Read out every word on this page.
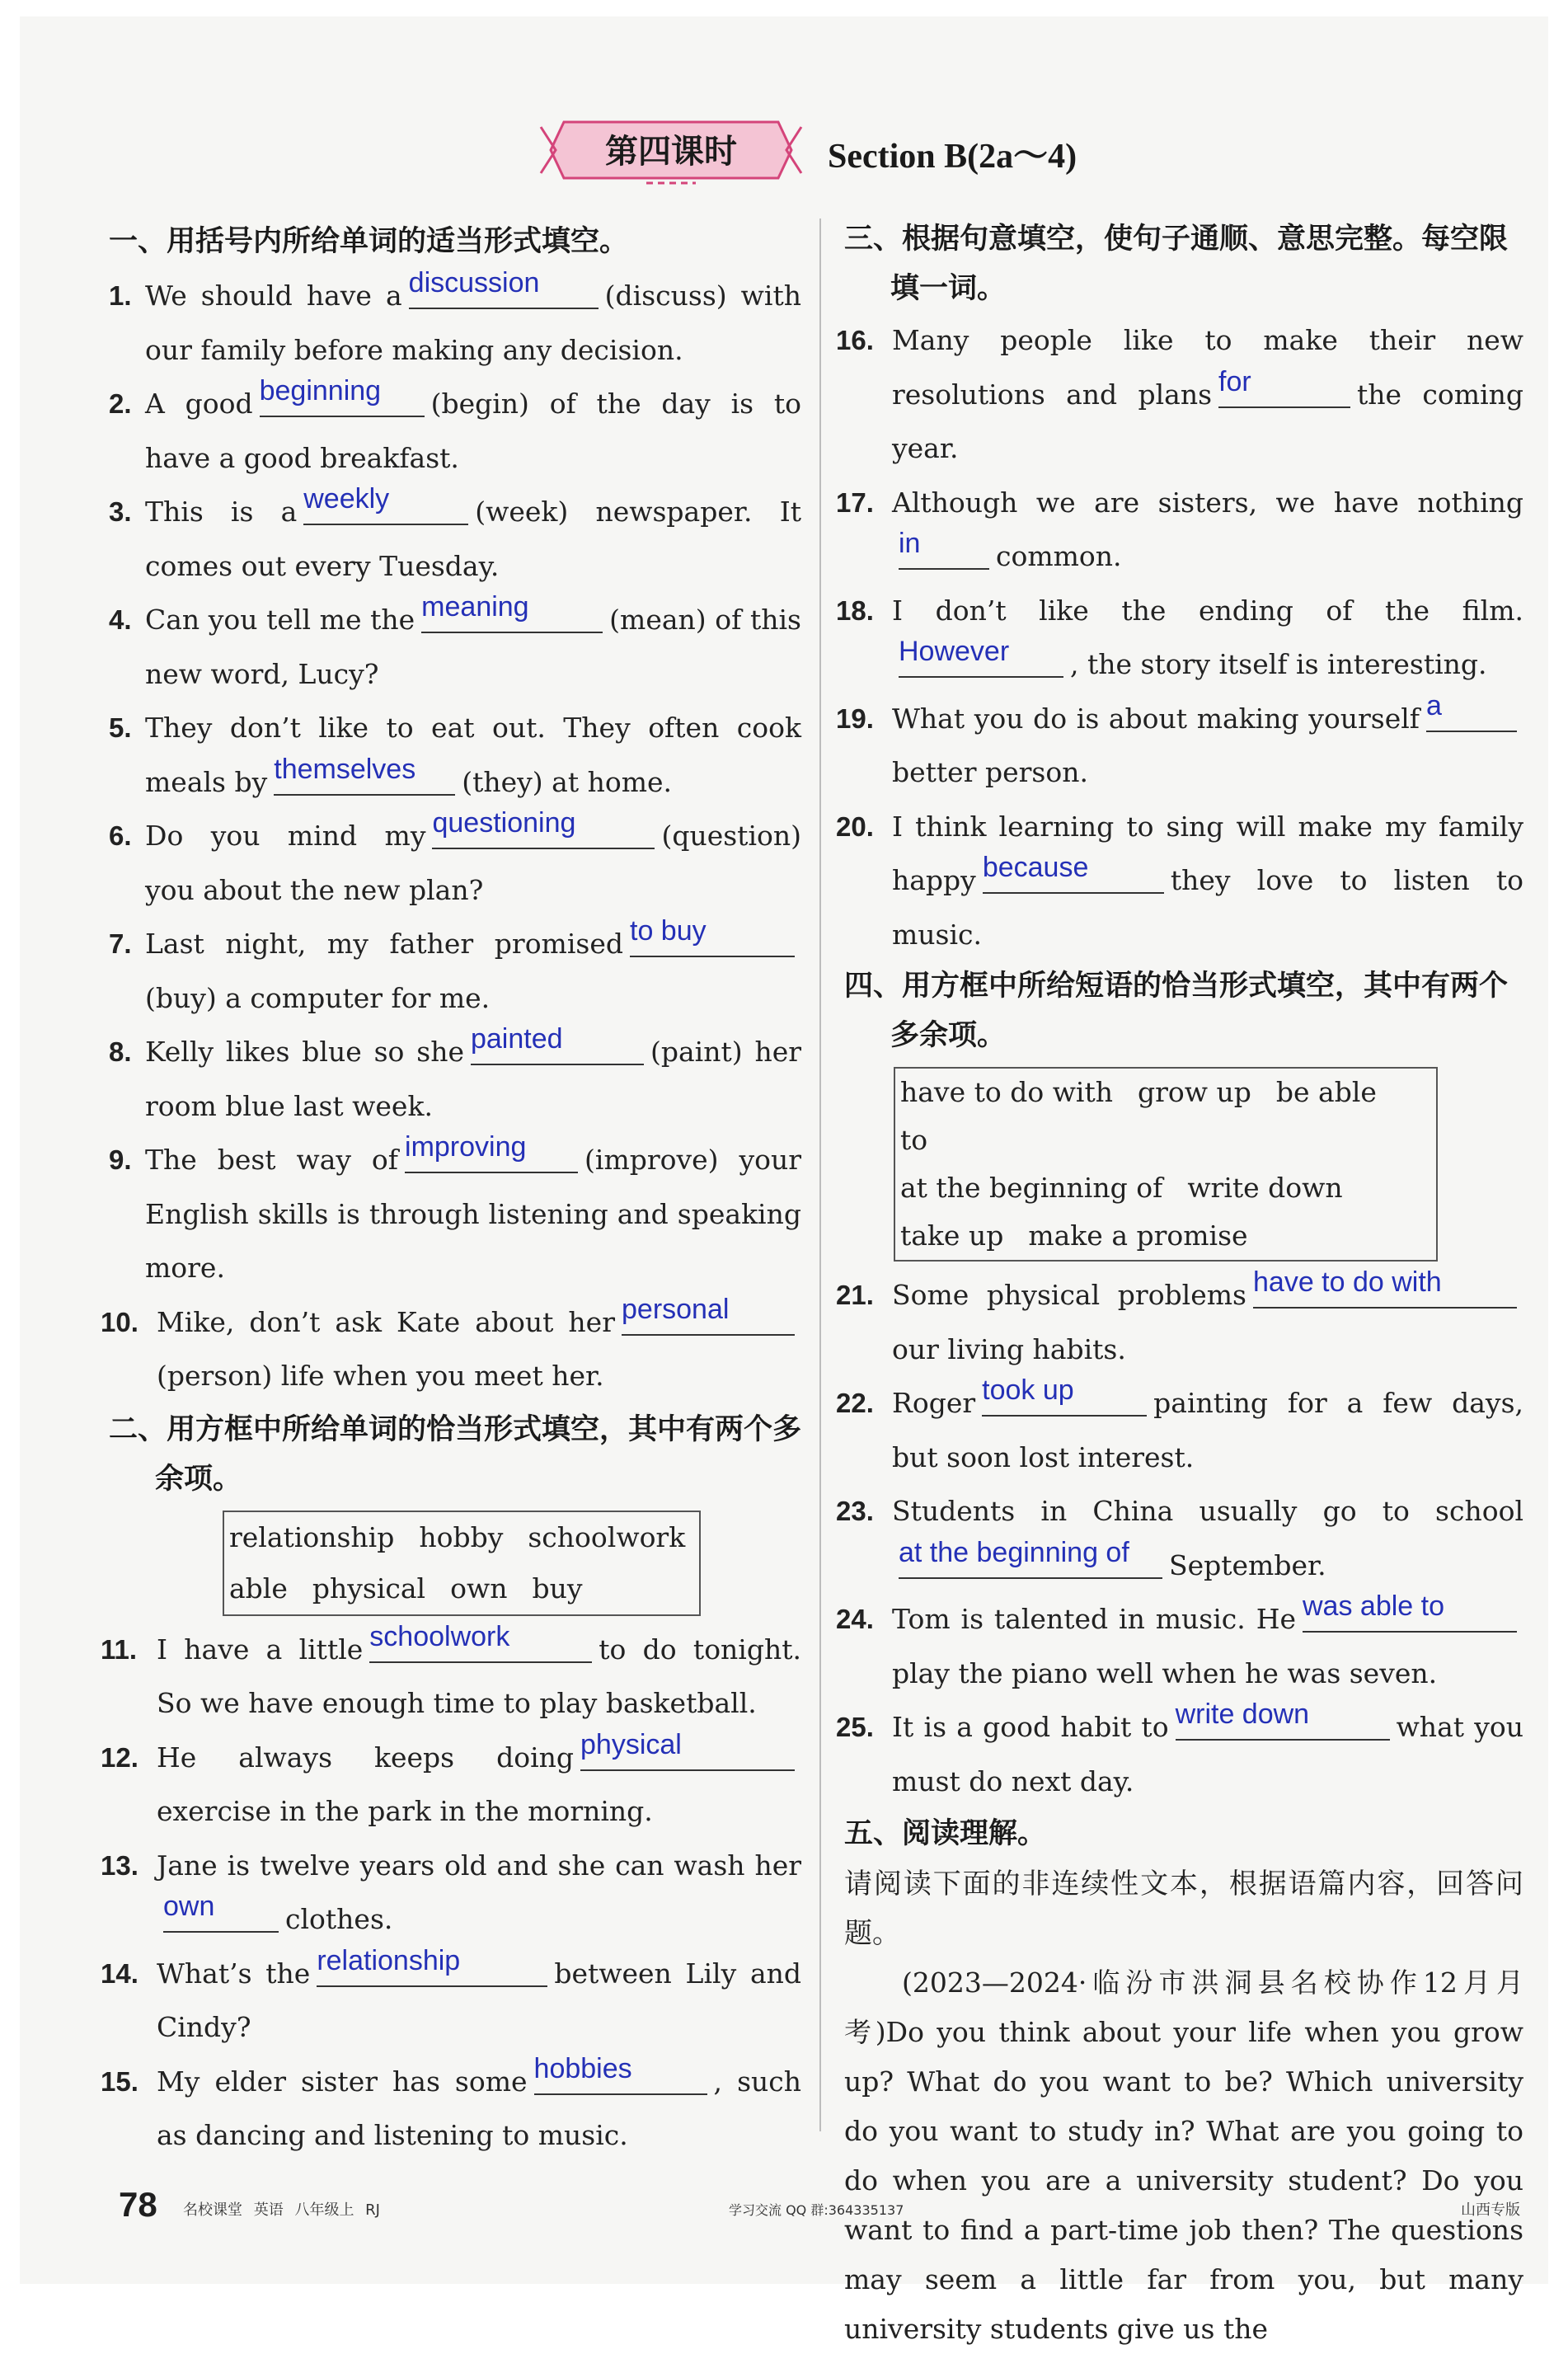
第四课时	Section B(2a～4)
一、用括号内所给单词的适当形式填空。
1. We should have a discussion (discuss) with our family before making any decision.
2. A good beginning (begin) of the day is to have a good breakfast.
3. This is a weekly	(week) newspaper. It comes out every Tuesday.
4. Can you tell me the meaning	(mean) of this new word, Lucy?
5. They don’t like to eat out. They often cook meals by themselves (they) at home.
6. Do you mind my questioning	(question) you about the new plan?
7. Last night, my father promised to buy(buy) a computer for me.
8. Kelly likes blue so she painted	(paint) her room blue last week.
9. The best way of improving (improve) your English skills is through listening and speaking more.
10. Mike, don’t ask Kate about her personal(person) life when you meet her.
二、用方框中所给单词的恰当形式填空，其中有两个多余项。
relationship hobby schoolwork
able physical own buy
11. I have a little schoolwork	to do tonight. So we have enough time to play basketball.
12. He always keeps doing physicalexercise in the park in the morning.
13. Jane is twelve years old and she can wash herown	clothes.
14. What’s the relationship	between Lily and Cindy?
15. My elder sister has some hobbies	, such as dancing and listening to music.
三、根据句意填空，使句子通顺、意思完整。每空限填一词。
16. Many people like to make their new resolutions and plans for	the coming year.
17. Although we are sisters, we have nothingin	common.
18. I don’t like the ending of the film.However , the story itself is interesting.
19. What you do is about making yourself abetter person.
20. I think learning to sing will make my family happy because	they love to listen to music.
四、用方框中所给短语的恰当形式填空，其中有两个多余项。
have to do with grow up be able to
at the beginning of write down
take up make a promise
21. Some physical problems have to do withour living habits.
22. Roger took up	painting for a few days, but soon lost interest.
23. Students in China usually go to schoolat the beginning of September.
24. Tom is talented in music. He was able toplay the piano well when he was seven.
25. It is a good habit to write down	what you must do next day.
五、阅读理解。
请阅读下面的非连续性文本，根据语篇内容，回答问题。
(2023—2024·临汾市洪洞县名校协作12月月考)Do you think about your life when you grow up? What do you want to be? Which university do you want to study in? What are you going to do when you are a university student? Do you want to find a part-time job then? The questions may seem a little far from you, but many university students give us the
78 名校课堂 英语 八年级上 RJ	学习交流 QQ 群:364335137	山西专版
